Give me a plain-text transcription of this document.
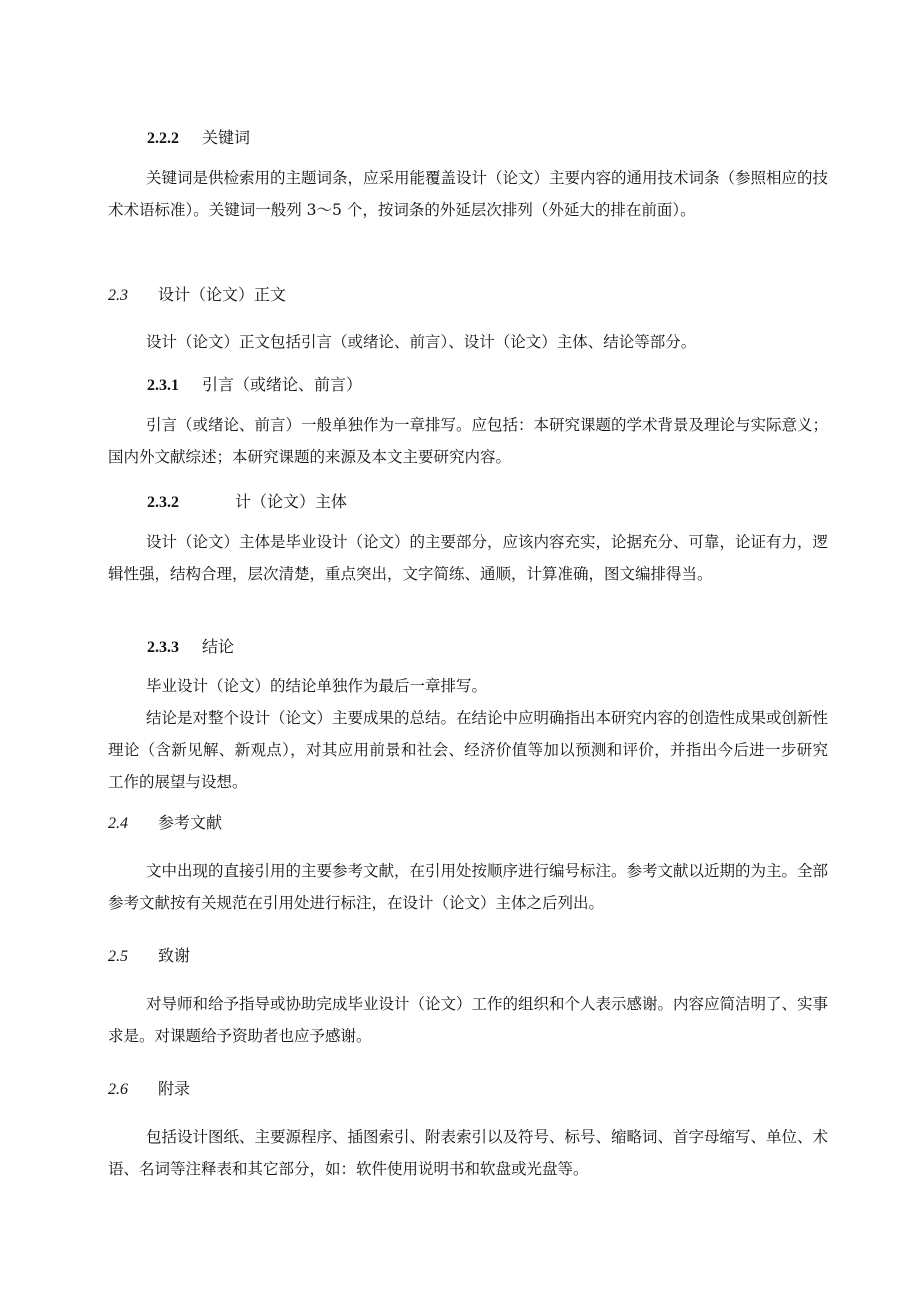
2.2.2 关键词

关键词是供检索用的主题词条，应采用能覆盖设计（论文）主要内容的通用技术词条（参照相应的技术术语标准）。关键词一般列 3～5 个，按词条的外延层次排列（外延大的排在前面）。

2.3 设计（论文）正文

设计（论文）正文包括引言（或绪论、前言）、设计（论文）主体、结论等部分。

2.3.1 引言（或绪论、前言）

引言（或绪论、前言）一般单独作为一章排写。应包括：本研究课题的学术背景及理论与实际意义；国内外文献综述；本研究课题的来源及本文主要研究内容。

2.3.2	计（论文）主体

设计（论文）主体是毕业设计（论文）的主要部分，应该内容充实，论据充分、可靠，论证有力，逻辑性强，结构合理，层次清楚，重点突出，文字简练、通顺，计算准确，图文编排得当。

2.3.3 结论

毕业设计（论文）的结论单独作为最后一章排写。

结论是对整个设计（论文）主要成果的总结。在结论中应明确指出本研究内容的创造性成果或创新性理论（含新见解、新观点），对其应用前景和社会、经济价值等加以预测和评价，并指出今后进一步研究工作的展望与设想。

2.4 参考文献

文中出现的直接引用的主要参考文献，在引用处按顺序进行编号标注。参考文献以近期的为主。全部参考文献按有关规范在引用处进行标注，在设计（论文）主体之后列出。

2.5 致谢

对导师和给予指导或协助完成毕业设计（论文）工作的组织和个人表示感谢。内容应简洁明了、实事求是。对课题给予资助者也应予感谢。

2.6 附录

包括设计图纸、主要源程序、插图索引、附表索引以及符号、标号、缩略词、首字母缩写、单位、术语、名词等注释表和其它部分，如：软件使用说明书和软盘或光盘等。
